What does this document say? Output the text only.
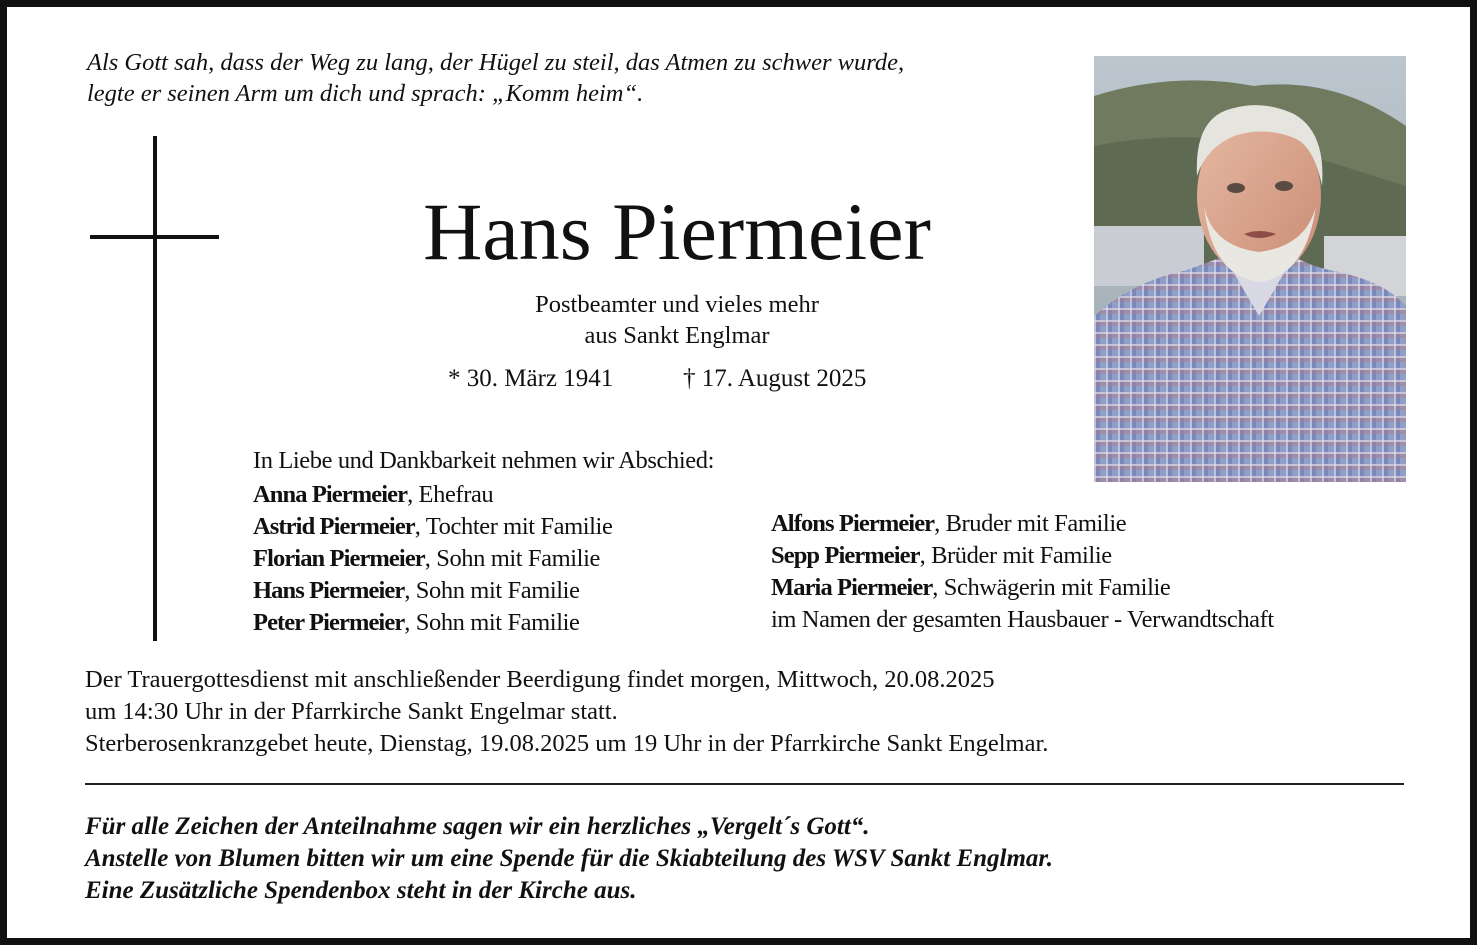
Als Gott sah, dass der Weg zu lang, der Hügel zu steil, das Atmen zu schwer wurde,
legte er seinen Arm um dich und sprach: „Komm heim“.
Hans Piermeier
Postbeamter und vieles mehr
aus Sankt Englmar
* 30. März 1941	† 17. August 2025
In Liebe und Dankbarkeit nehmen wir Abschied:
Anna Piermeier, Ehefrau
Astrid Piermeier, Tochter mit Familie
Florian Piermeier, Sohn mit Familie
Hans Piermeier, Sohn mit Familie
Peter Piermeier, Sohn mit Familie
Alfons Piermeier, Bruder mit Familie
Sepp Piermeier, Brüder mit Familie
Maria Piermeier, Schwägerin mit Familie
im Namen der gesamten Hausbauer - Verwandtschaft
Der Trauergottesdienst mit anschließender Beerdigung findet morgen, Mittwoch, 20.08.2025
um 14:30 Uhr in der Pfarrkirche Sankt Engelmar statt.
Sterberosenkranzgebet heute, Dienstag, 19.08.2025 um 19 Uhr in der Pfarrkirche Sankt Engelmar.
Für alle Zeichen der Anteilnahme sagen wir ein herzliches „Vergelt´s Gott“.
Anstelle von Blumen bitten wir um eine Spende für die Skiabteilung des WSV Sankt Englmar.
Eine Zusätzliche Spendenbox steht in der Kirche aus.
